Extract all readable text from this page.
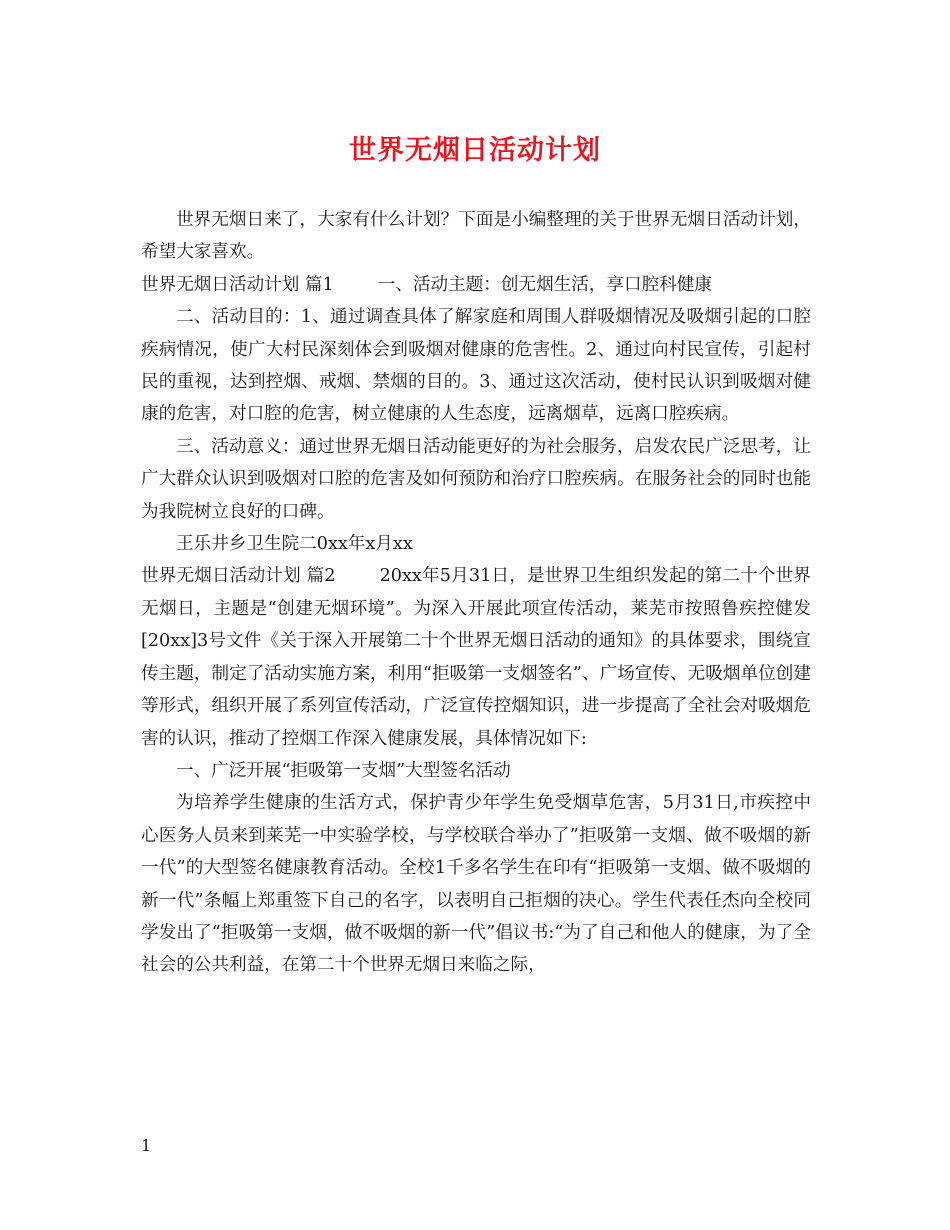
世界无烟日活动计划

世界无烟日来了，大家有什么计划？下面是小编整理的关于世界无烟日活动计划，希望大家喜欢。

世界无烟日活动计划 篇1	一、活动主题：创无烟生活，享口腔科健康

二、活动目的：1、通过调查具体了解家庭和周围人群吸烟情况及吸烟引起的口腔疾病情况，使广大村民深刻体会到吸烟对健康的危害性。2、通过向村民宣传，引起村民的重视，达到控烟、戒烟、禁烟的目的。3、通过这次活动，使村民认识到吸烟对健康的危害，对口腔的危害，树立健康的人生态度，远离烟草，远离口腔疾病。

三、活动意义：通过世界无烟日活动能更好的为社会服务，启发农民广泛思考，让广大群众认识到吸烟对口腔的危害及如何预防和治疗口腔疾病。在服务社会的同时也能为我院树立良好的口碑。

王乐井乡卫生院二0xx年x月xx

世界无烟日活动计划 篇2	20xx年5月31日，是世界卫生组织发起的第二十个世界无烟日，主题是“创建无烟环境”。为深入开展此项宣传活动，莱芜市按照鲁疾控健发[20xx]3号文件《关于深入开展第二十个世界无烟日活动的通知》的具体要求，围绕宣传主题，制定了活动实施方案，利用“拒吸第一支烟签名”、广场宣传、无吸烟单位创建等形式，组织开展了系列宣传活动，广泛宣传控烟知识，进一步提高了全社会对吸烟危害的认识，推动了控烟工作深入健康发展，具体情况如下:

一、广泛开展“拒吸第一支烟”大型签名活动

为培养学生健康的生活方式，保护青少年学生免受烟草危害，5月31日,市疾控中心医务人员来到莱芜一中实验学校，与学校联合举办了”拒吸第一支烟、做不吸烟的新一代”的大型签名健康教育活动。全校1千多名学生在印有“拒吸第一支烟、做不吸烟的新一代”条幅上郑重签下自己的名字，以表明自己拒烟的决心。学生代表任杰向全校同学发出了“拒吸第一支烟，做不吸烟的新一代”倡议书:“为了自己和他人的健康，为了全社会的公共利益，在第二十个世界无烟日来临之际，

1
